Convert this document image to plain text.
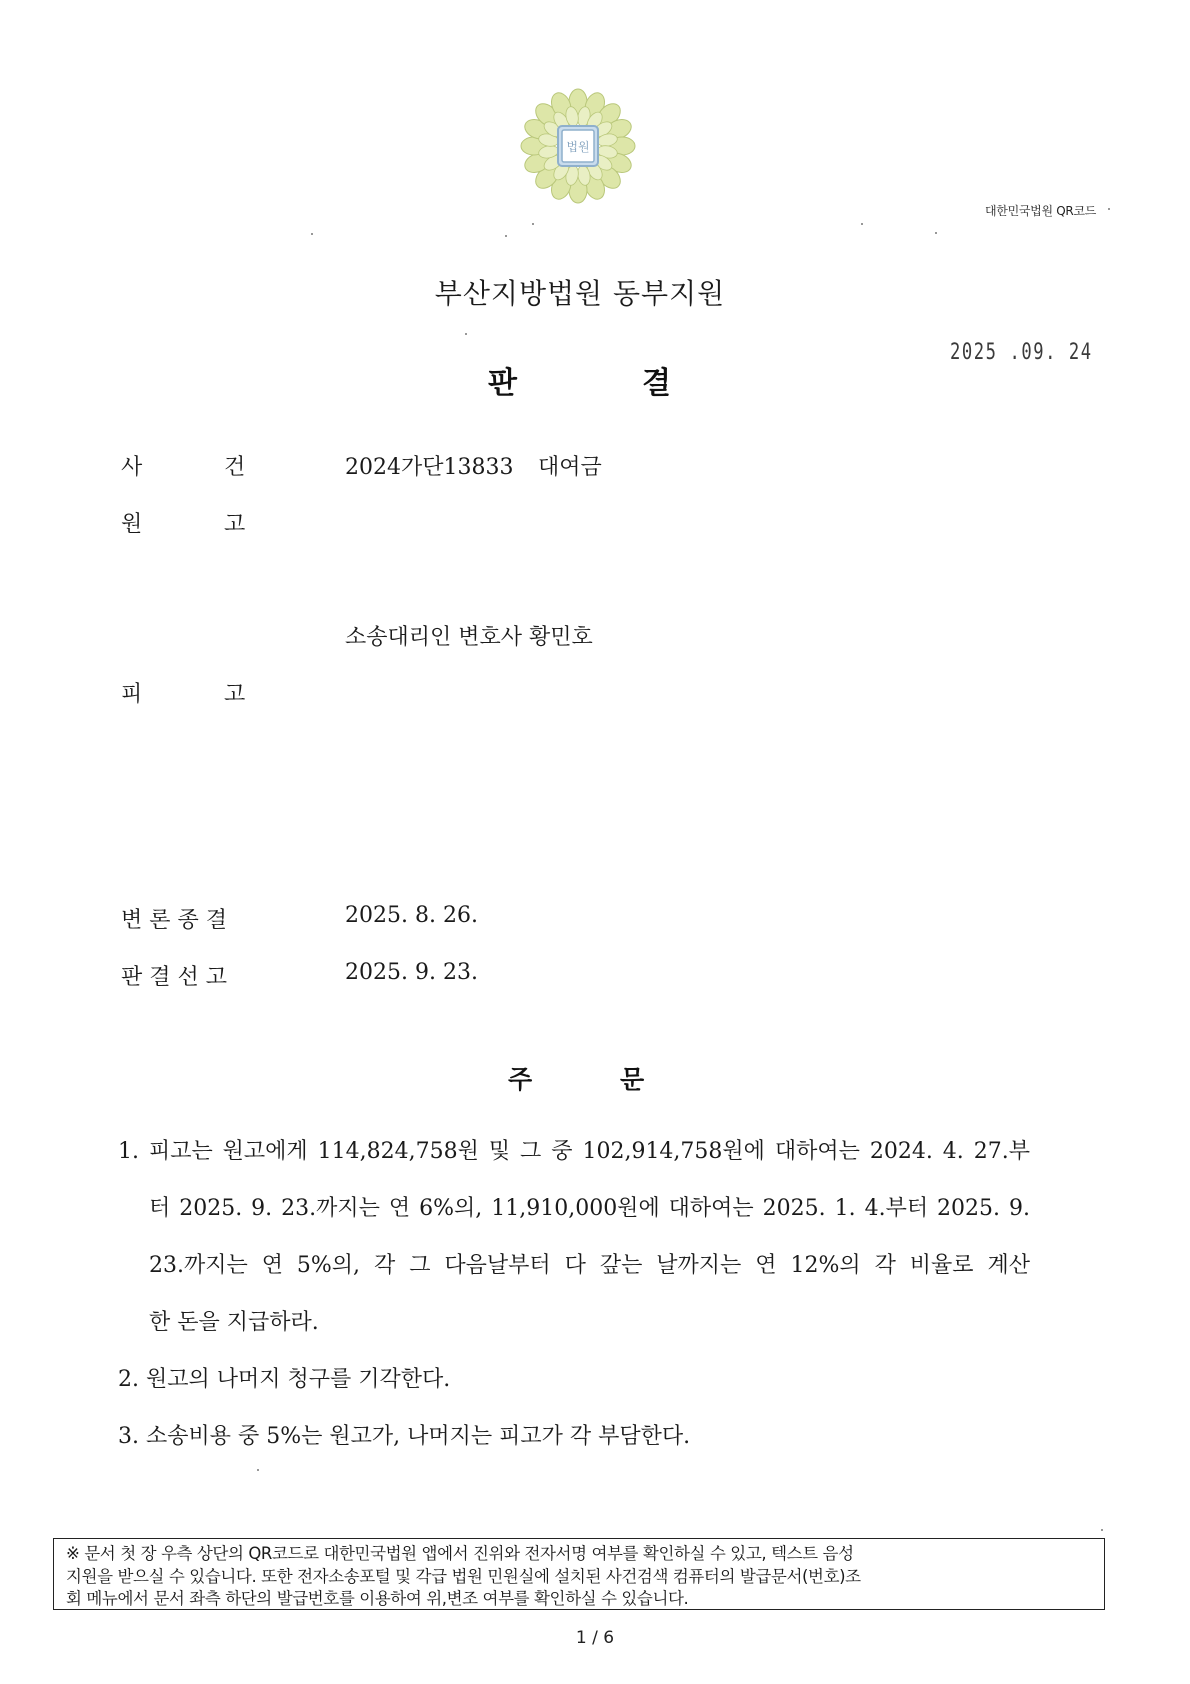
법원
대한민국법원 QR코드
부산지방법원 동부지원
2025 .09. 24
판	결
사	건	2024가단13833 대여금
원	고
소송대리인 변호사 황민호
피	고
변 론 종 결	2025. 8. 26.
판 결 선 고	2025. 9. 23.
주	문
1. 피고는 원고에게 114,824,758원 및 그 중 102,914,758원에 대하여는 2024. 4. 27.부
터 2025. 9. 23.까지는 연 6%의, 11,910,000원에 대하여는 2025. 1. 4.부터 2025. 9.
23.까지는 연 5%의, 각 그 다음날부터 다 갚는 날까지는 연 12%의 각 비율로 계산
한 돈을 지급하라.
2. 원고의 나머지 청구를 기각한다.
3. 소송비용 중 5%는 원고가, 나머지는 피고가 각 부담한다.
※ 문서 첫 장 우측 상단의 QR코드로 대한민국법원 앱에서 진위와 전자서명 여부를 확인하실 수 있고, 텍스트 음성
지원을 받으실 수 있습니다. 또한 전자소송포털 및 각급 법원 민원실에 설치된 사건검색 컴퓨터의 발급문서(번호)조
회 메뉴에서 문서 좌측 하단의 발급번호를 이용하여 위,변조 여부를 확인하실 수 있습니다.
1 / 6
